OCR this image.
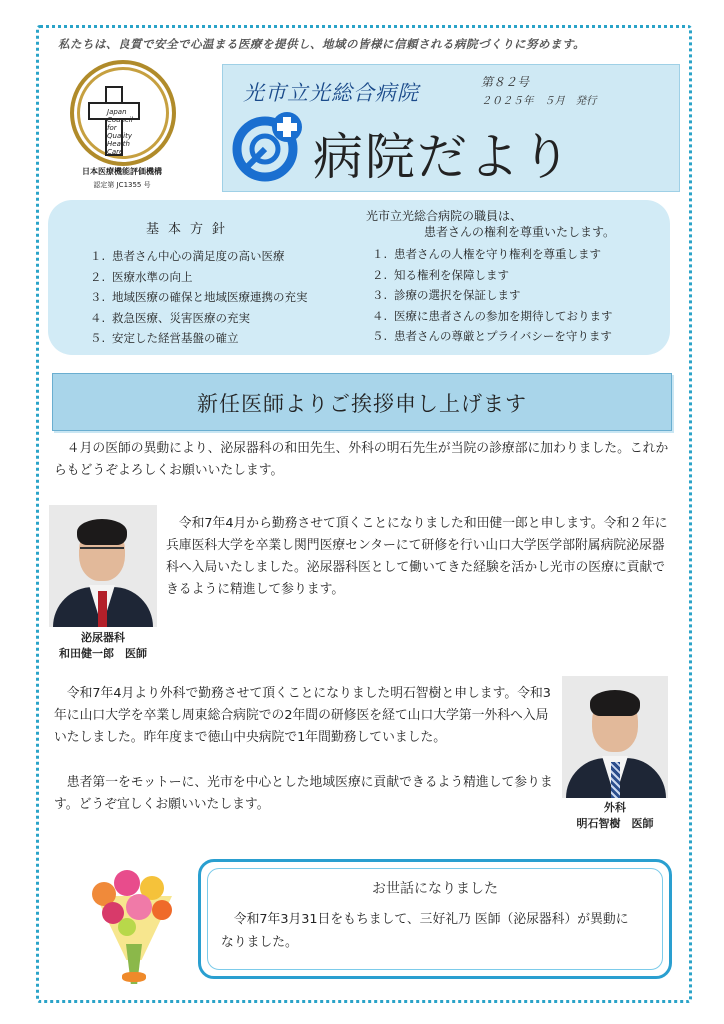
私たちは、良質で安全で心温まる医療を提供し、地域の皆様に信頼される病院づくりに努めます。
Japan
Council
for
Quality
Health
Care
日本医療機能評価機構
認定第 JC1355 号
光市立光総合病院	第８２号
２０２５年　５月　発行
病院だより
基本方針
１. 患者さん中心の満足度の高い医療
２. 医療水準の向上
３. 地域医療の確保と地域医療連携の充実
４. 救急医療、災害医療の充実
５. 安定した経営基盤の確立
光市立光総合病院の職員は、
患者さんの権利を尊重いたします。
１. 患者さんの人権を守り権利を尊重します
２. 知る権利を保障します
３. 診療の選択を保証します
４. 医療に患者さんの参加を期待しております
５. 患者さんの尊厳とプライバシーを守ります
新任医師よりご挨拶申し上げます
４月の医師の異動により、泌尿器科の和田先生、外科の明石先生が当院の診療部に加わりました。これからもどうぞよろしくお願いいたします。
泌尿器科
和田健一郎　医師
令和7年4月から勤務させて頂くことになりました和田健一郎と申します。令和２年に兵庫医科大学を卒業し関門医療センターにて研修を行い山口大学医学部附属病院泌尿器科へ入局いたしました。泌尿器科医として働いてきた経験を活かし光市の医療に貢献できるように精進して参ります。
令和7年4月より外科で勤務させて頂くことになりました明石智樹と申します。令和3年に山口大学を卒業し周東総合病院での2年間の研修医を経て山口大学第一外科へ入局いたしました。昨年度まで徳山中央病院で1年間勤務していました。
患者第一をモットーに、光市を中心とした地域医療に貢献できるよう精進して参ります。どうぞ宜しくお願いいたします。	外科
明石智樹　医師
お世話になりました
令和7年3月31日をもちまして、三好礼乃 医師（泌尿器科）が異動になりました。
